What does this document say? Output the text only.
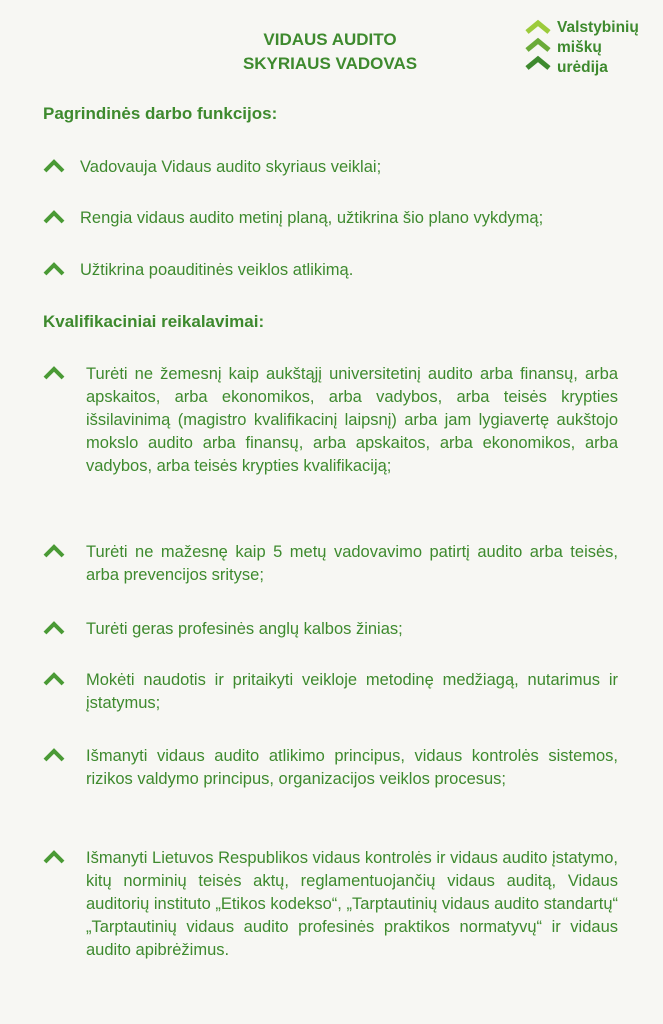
VIDAUS AUDITO
SKYRIAUS VADOVAS
Valstybinių
miškų
urėdija
Pagrindinės darbo funkcijos:
Vadovauja Vidaus audito skyriaus veiklai;
Rengia vidaus audito metinį planą, užtikrina šio plano vykdymą;
Užtikrina poauditinės veiklos atlikimą.
Kvalifikaciniai reikalavimai:
Turėti ne žemesnį kaip aukštąjį universitetinį audito arba finansų, arba apskaitos, arba ekonomikos, arba vadybos, arba teisės krypties išsilavinimą (magistro kvalifikacinį laipsnį) arba jam lygiavertę aukštojo mokslo audito arba finansų, arba apskaitos, arba ekonomikos, arba vadybos, arba teisės krypties kvalifikaciją;
Turėti ne mažesnę kaip 5 metų vadovavimo patirtį audito arba teisės, arba prevencijos srityse;
Turėti geras profesinės anglų kalbos žinias;
Mokėti naudotis ir pritaikyti veikloje metodinę medžiagą, nutarimus ir įstatymus;
Išmanyti vidaus audito atlikimo principus, vidaus kontrolės sistemos, rizikos valdymo principus, organizacijos veiklos procesus;
Išmanyti Lietuvos Respublikos vidaus kontrolės ir vidaus audito įstatymo, kitų norminių teisės aktų, reglamentuojančių vidaus auditą, Vidaus auditorių instituto „Etikos kodekso“, „Tarptautinių vidaus audito standartų“ „Tarptautinių vidaus audito profesinės praktikos normatyvų“ ir vidaus audito apibrėžimus.
